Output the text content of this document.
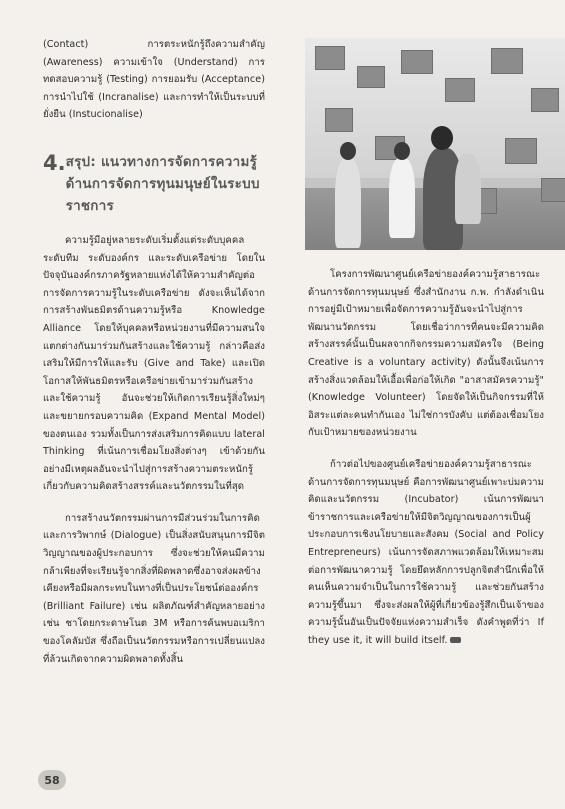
(Contact) การตระหนักรู้ถึงความสำคัญ (Awareness) ความเข้าใจ (Understand) การทดสอบความรู้ (Testing) การยอมรับ (Acceptance) การนำไปใช้ (Incranalise) และการทำให้เป็นระบบที่ยั่งยืน (Instucionalise)

4. สรุป: แนวทางการจัดการความรู้ด้านการจัดการทุนมนุษย์ในระบบราชการ

ความรู้มีอยู่หลายระดับเริ่มตั้งแต่ระดับบุคคล ระดับทีม ระดับองค์กร และระดับเครือข่าย โดยในปัจจุบันองค์กรภาครัฐหลายแห่งได้ให้ความสำคัญต่อการจัดการความรู้ในระดับเครือข่าย ดังจะเห็นได้จากการสร้างพันธมิตรด้านความรู้หรือ Knowledge Alliance โดยให้บุคคลหรือหน่วยงานที่มีความสนใจแตกต่างกันมาร่วมกันสร้างและใช้ความรู้ กล่าวคือส่งเสริมให้มีการให้และรับ (Give and Take) และเปิดโอกาสให้พันธมิตรหรือเครือข่ายเข้ามาร่วมกันสร้างและใช้ความรู้ อันจะช่วยให้เกิดการเรียนรู้สิ่งใหม่ๆ และขยายกรอบความคิด (Expand Mental Model) ของตนเอง รวมทั้งเป็นการส่งเสริมการคิดแบบ lateral Thinking ที่เน้นการเชื่อมโยงสิ่งต่างๆ เข้าด้วยกันอย่างมีเหตุผลอันจะนำไปสู่การสร้างความตระหนักรู้เกี่ยวกับความคิดสร้างสรรค์และนวัตกรรมในที่สุด

การสร้างนวัตกรรมผ่านการมีส่วนร่วมในการคิดและการวิพากษ์ (Dialogue) เป็นสิ่งสนับสนุนการมีจิตวิญญาณของผู้ประกอบการ ซึ่งจะช่วยให้คนมีความกล้าเพียงที่จะเรียนรู้จากสิ่งที่ผิดพลาดซึ่งอาจส่งผลข้างเคียงหรือมีผลกระทบในทางที่เป็นประโยชน์ต่อองค์กร (Brilliant Failure) เช่น ผลิตภัณฑ์สำคัญหลายอย่าง เช่น ชาโดยกระดาษโนต 3M หรือการค้นพบอเมริกาของโคลัมบัส ซึ่งถือเป็นนวัตกรรมหรือการเปลี่ยนแปลงที่ล้วนเกิดจากความผิดพลาดทั้งสิ้น

โครงการพัฒนาศูนย์เครือข่ายองค์ความรู้สาธารณะด้านการจัดการทุนมนุษย์ ซึ่งสำนักงาน ก.พ. กำลังดำเนินการอยู่มีเป้าหมายเพื่อจัดการความรู้อันจะนำไปสู่การพัฒนานวัตกรรม โดยเชื่อว่าการที่คนจะมีความคิดสร้างสรรค์นั้นเป็นผลจากกิจกรรมความสมัครใจ (Being Creative is a voluntary activity) ดังนั้นจึงเน้นการสร้างสิ่งแวดล้อมให้เอื้อเพื่อก่อให้เกิด "อาสาสมัครความรู้" (Knowledge Volunteer) โดยจัดให้เป็นกิจกรรมที่ให้อิสระแต่ละคนทำกันเอง ไม่ใช่การบังคับ แต่ต้องเชื่อมโยงกับเป้าหมายของหน่วยงาน

ก้าวต่อไปของศูนย์เครือข่ายองค์ความรู้สาธารณะด้านการจัดการทุนมนุษย์ คือการพัฒนาศูนย์เพาะบ่มความคิดและนวัตกรรม (Incubator) เน้นการพัฒนาข้าราชการและเครือข่ายให้มีจิตวิญญาณของการเป็นผู้ประกอบการเชิงนโยบายและสังคม (Social and Policy Entrepreneurs) เน้นการจัดสภาพแวดล้อมให้เหมาะสมต่อการพัฒนาความรู้ โดยยึดหลักการปลูกจิตสำนึกเพื่อให้คนเห็นความจำเป็นในการใช้ความรู้ และช่วยกันสร้างความรู้ขึ้นมา ซึ่งจะส่งผลให้ผู้ที่เกี่ยวข้องรู้สึกเป็นเจ้าของความรู้นั้นอันเป็นปัจจัยแห่งความสำเร็จ ดังคำพูดที่ว่า If they use it, it will build itself.

58
